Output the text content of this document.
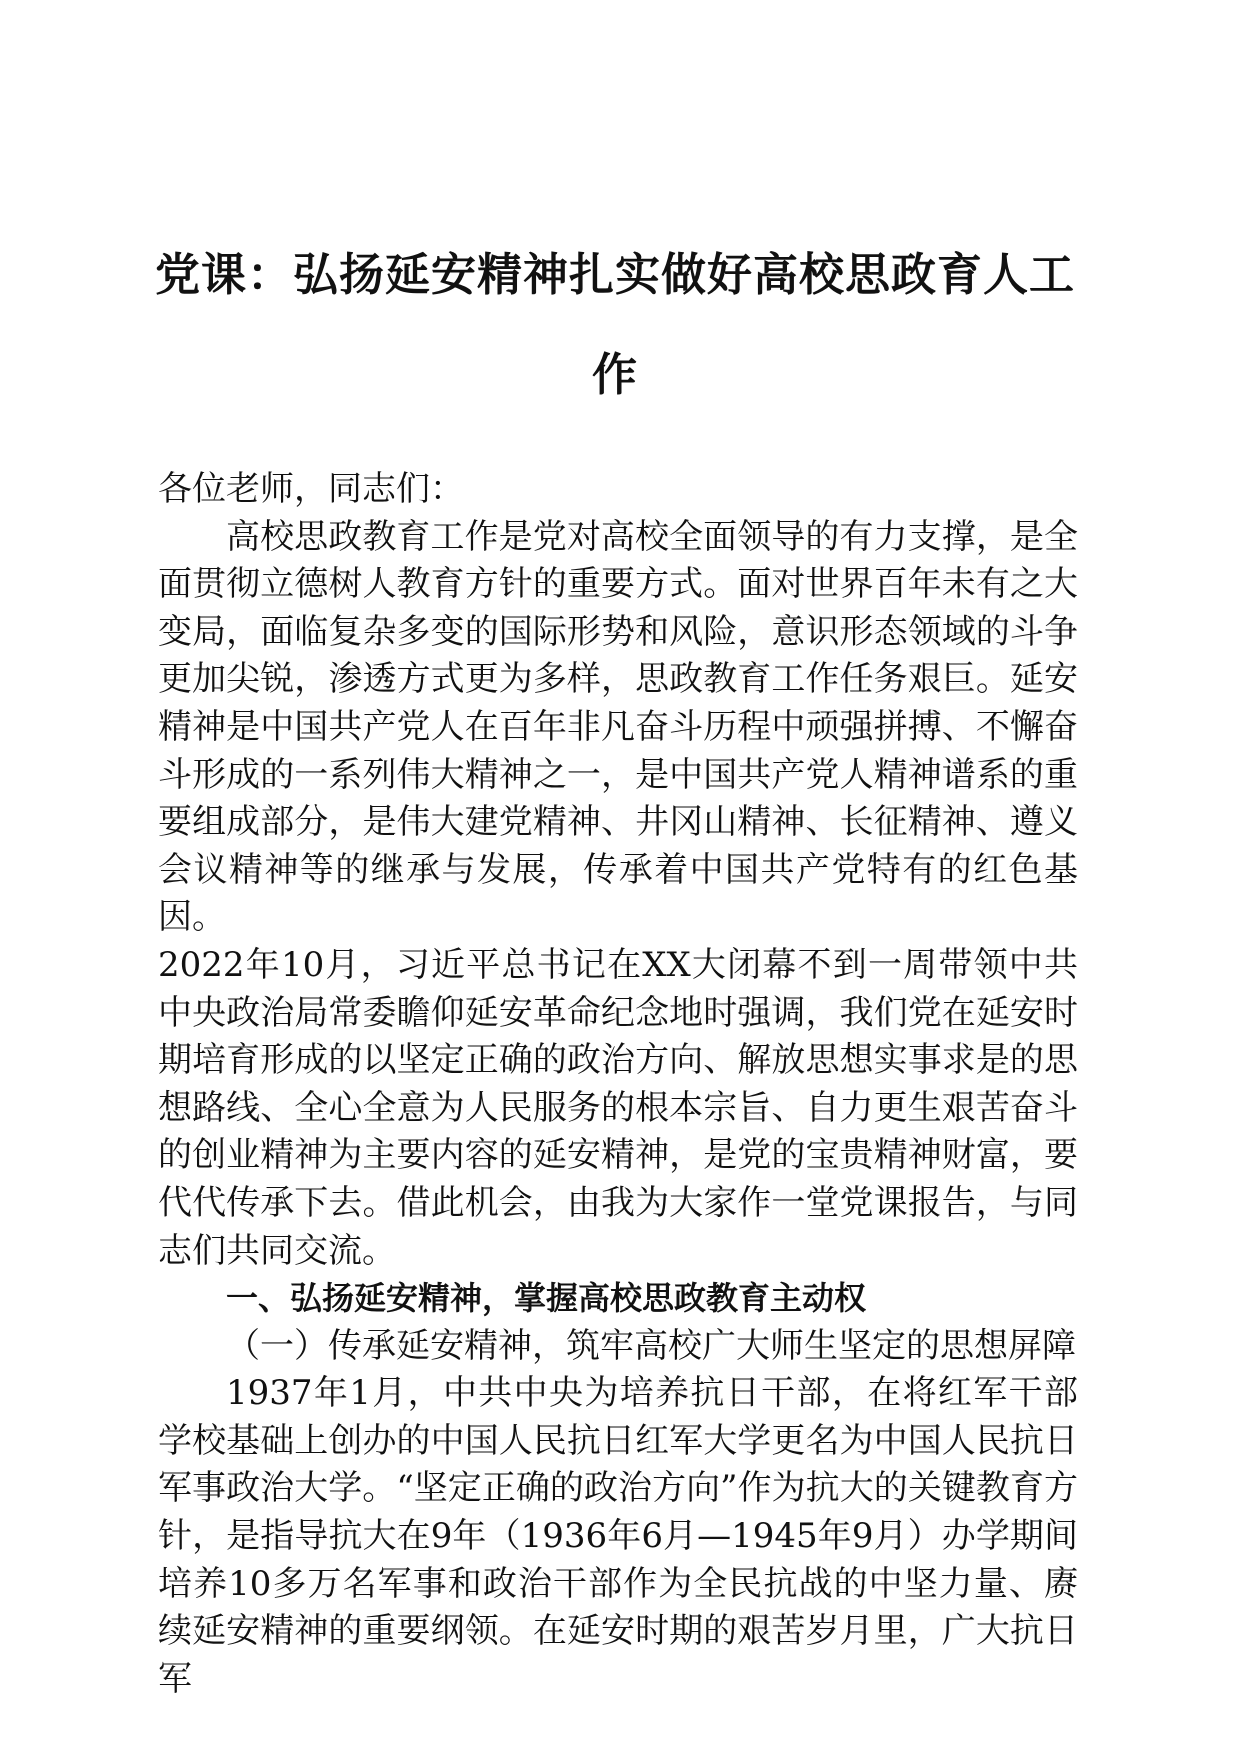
党课：弘扬延安精神扎实做好高校思政育人工作

各位老师，同志们：

高校思政教育工作是党对高校全面领导的有力支撑，是全面贯彻立德树人教育方针的重要方式。面对世界百年未有之大变局，面临复杂多变的国际形势和风险，意识形态领域的斗争更加尖锐，渗透方式更为多样，思政教育工作任务艰巨。延安精神是中国共产党人在百年非凡奋斗历程中顽强拼搏、不懈奋斗形成的一系列伟大精神之一，是中国共产党人精神谱系的重要组成部分，是伟大建党精神、井冈山精神、长征精神、遵义会议精神等的继承与发展，传承着中国共产党特有的红色基因。

2022年10月，习近平总书记在XX大闭幕不到一周带领中共中央政治局常委瞻仰延安革命纪念地时强调，我们党在延安时期培育形成的以坚定正确的政治方向、解放思想实事求是的思想路线、全心全意为人民服务的根本宗旨、自力更生艰苦奋斗的创业精神为主要内容的延安精神，是党的宝贵精神财富，要代代传承下去。借此机会，由我为大家作一堂党课报告，与同志们共同交流。

一、弘扬延安精神，掌握高校思政教育主动权

（一）传承延安精神，筑牢高校广大师生坚定的思想屏障

1937年1月，中共中央为培养抗日干部，在将红军干部学校基础上创办的中国人民抗日红军大学更名为中国人民抗日军事政治大学。“坚定正确的政治方向”作为抗大的关键教育方针，是指导抗大在9年（1936年6月—1945年9月）办学期间培养10多万名军事和政治干部作为全民抗战的中坚力量、赓续延安精神的重要纲领。在延安时期的艰苦岁月里，广大抗日军
